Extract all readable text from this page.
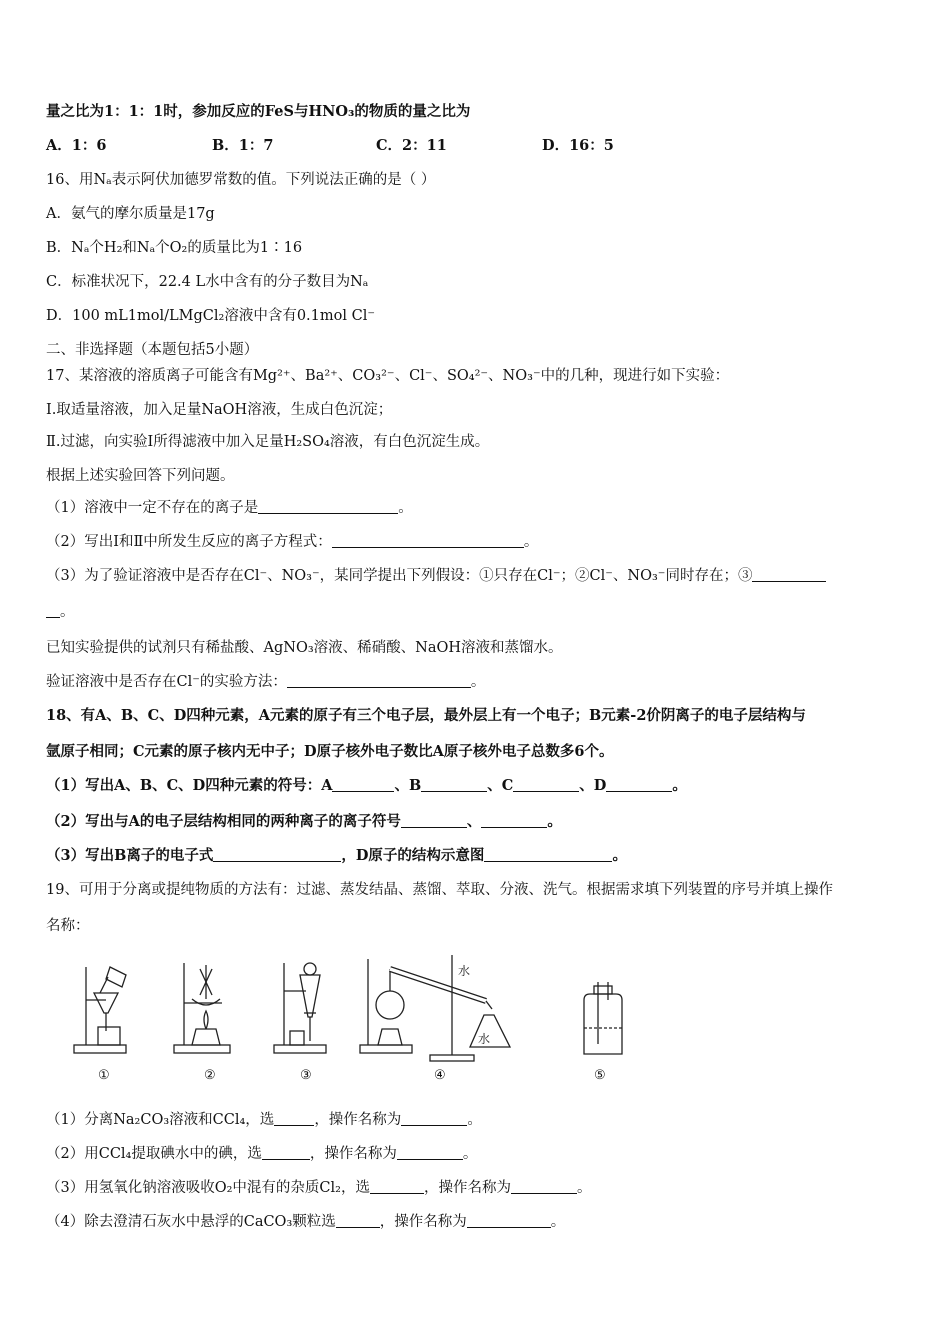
量之比为1：1：1时，参加反应的FeS与HNO₃的物质的量之比为
A．1：6	B．1：7	C．2：11	D．16：5
16、用Nₐ表示阿伏加德罗常数的值。下列说法正确的是（ ）
A．氨气的摩尔质量是17g
B．Nₐ个H₂和Nₐ个O₂的质量比为1∶16
C．标准状况下，22.4 L水中含有的分子数目为Nₐ
D．100 mL1mol/LMgCl₂溶液中含有0.1mol Cl⁻
二、非选择题（本题包括5小题）
17、某溶液的溶质离子可能含有Mg²⁺、Ba²⁺、CO₃²⁻、Cl⁻、SO₄²⁻、NO₃⁻中的几种，现进行如下实验：
Ⅰ.取适量溶液，加入足量NaOH溶液，生成白色沉淀；
Ⅱ.过滤，向实验Ⅰ所得滤液中加入足量H₂SO₄溶液，有白色沉淀生成。
根据上述实验回答下列问题。
（1）溶液中一定不存在的离子是	。
（2）写出Ⅰ和Ⅱ中所发生反应的离子方程式：	。
（3）为了验证溶液中是否存在Cl⁻、NO₃⁻，某同学提出下列假设：①只存在Cl⁻；②Cl⁻、NO₃⁻同时存在；③
。
已知实验提供的试剂只有稀盐酸、AgNO₃溶液、稀硝酸、NaOH溶液和蒸馏水。
验证溶液中是否存在Cl⁻的实验方法：	。
18、有A、B、C、D四种元素，A元素的原子有三个电子层，最外层上有一个电子；B元素-2价阴离子的电子层结构与
氩原子相同；C元素的原子核内无中子；D原子核外电子数比A原子核外电子总数多6个。
（1）写出A、B、C、D四种元素的符号：A	、B	、C	、D	。
（2）写出与A的电子层结构相同的两种离子的离子符号	、	。
（3）写出B离子的电子式	，D原子的结构示意图	。
19、可用于分离或提纯物质的方法有：过滤、蒸发结晶、蒸馏、萃取、分液、洗气。根据需求填下列装置的序号并填上操作
名称：
水
水
①	②	③	④	⑤
（1）分离Na₂CO₃溶液和CCl₄，选	，操作名称为	。
（2）用CCl₄提取碘水中的碘，选	，操作名称为	。
（3）用氢氧化钠溶液吸收O₂中混有的杂质Cl₂，选	，操作名称为	。
（4）除去澄清石灰水中悬浮的CaCO₃颗粒选	，操作名称为	。
